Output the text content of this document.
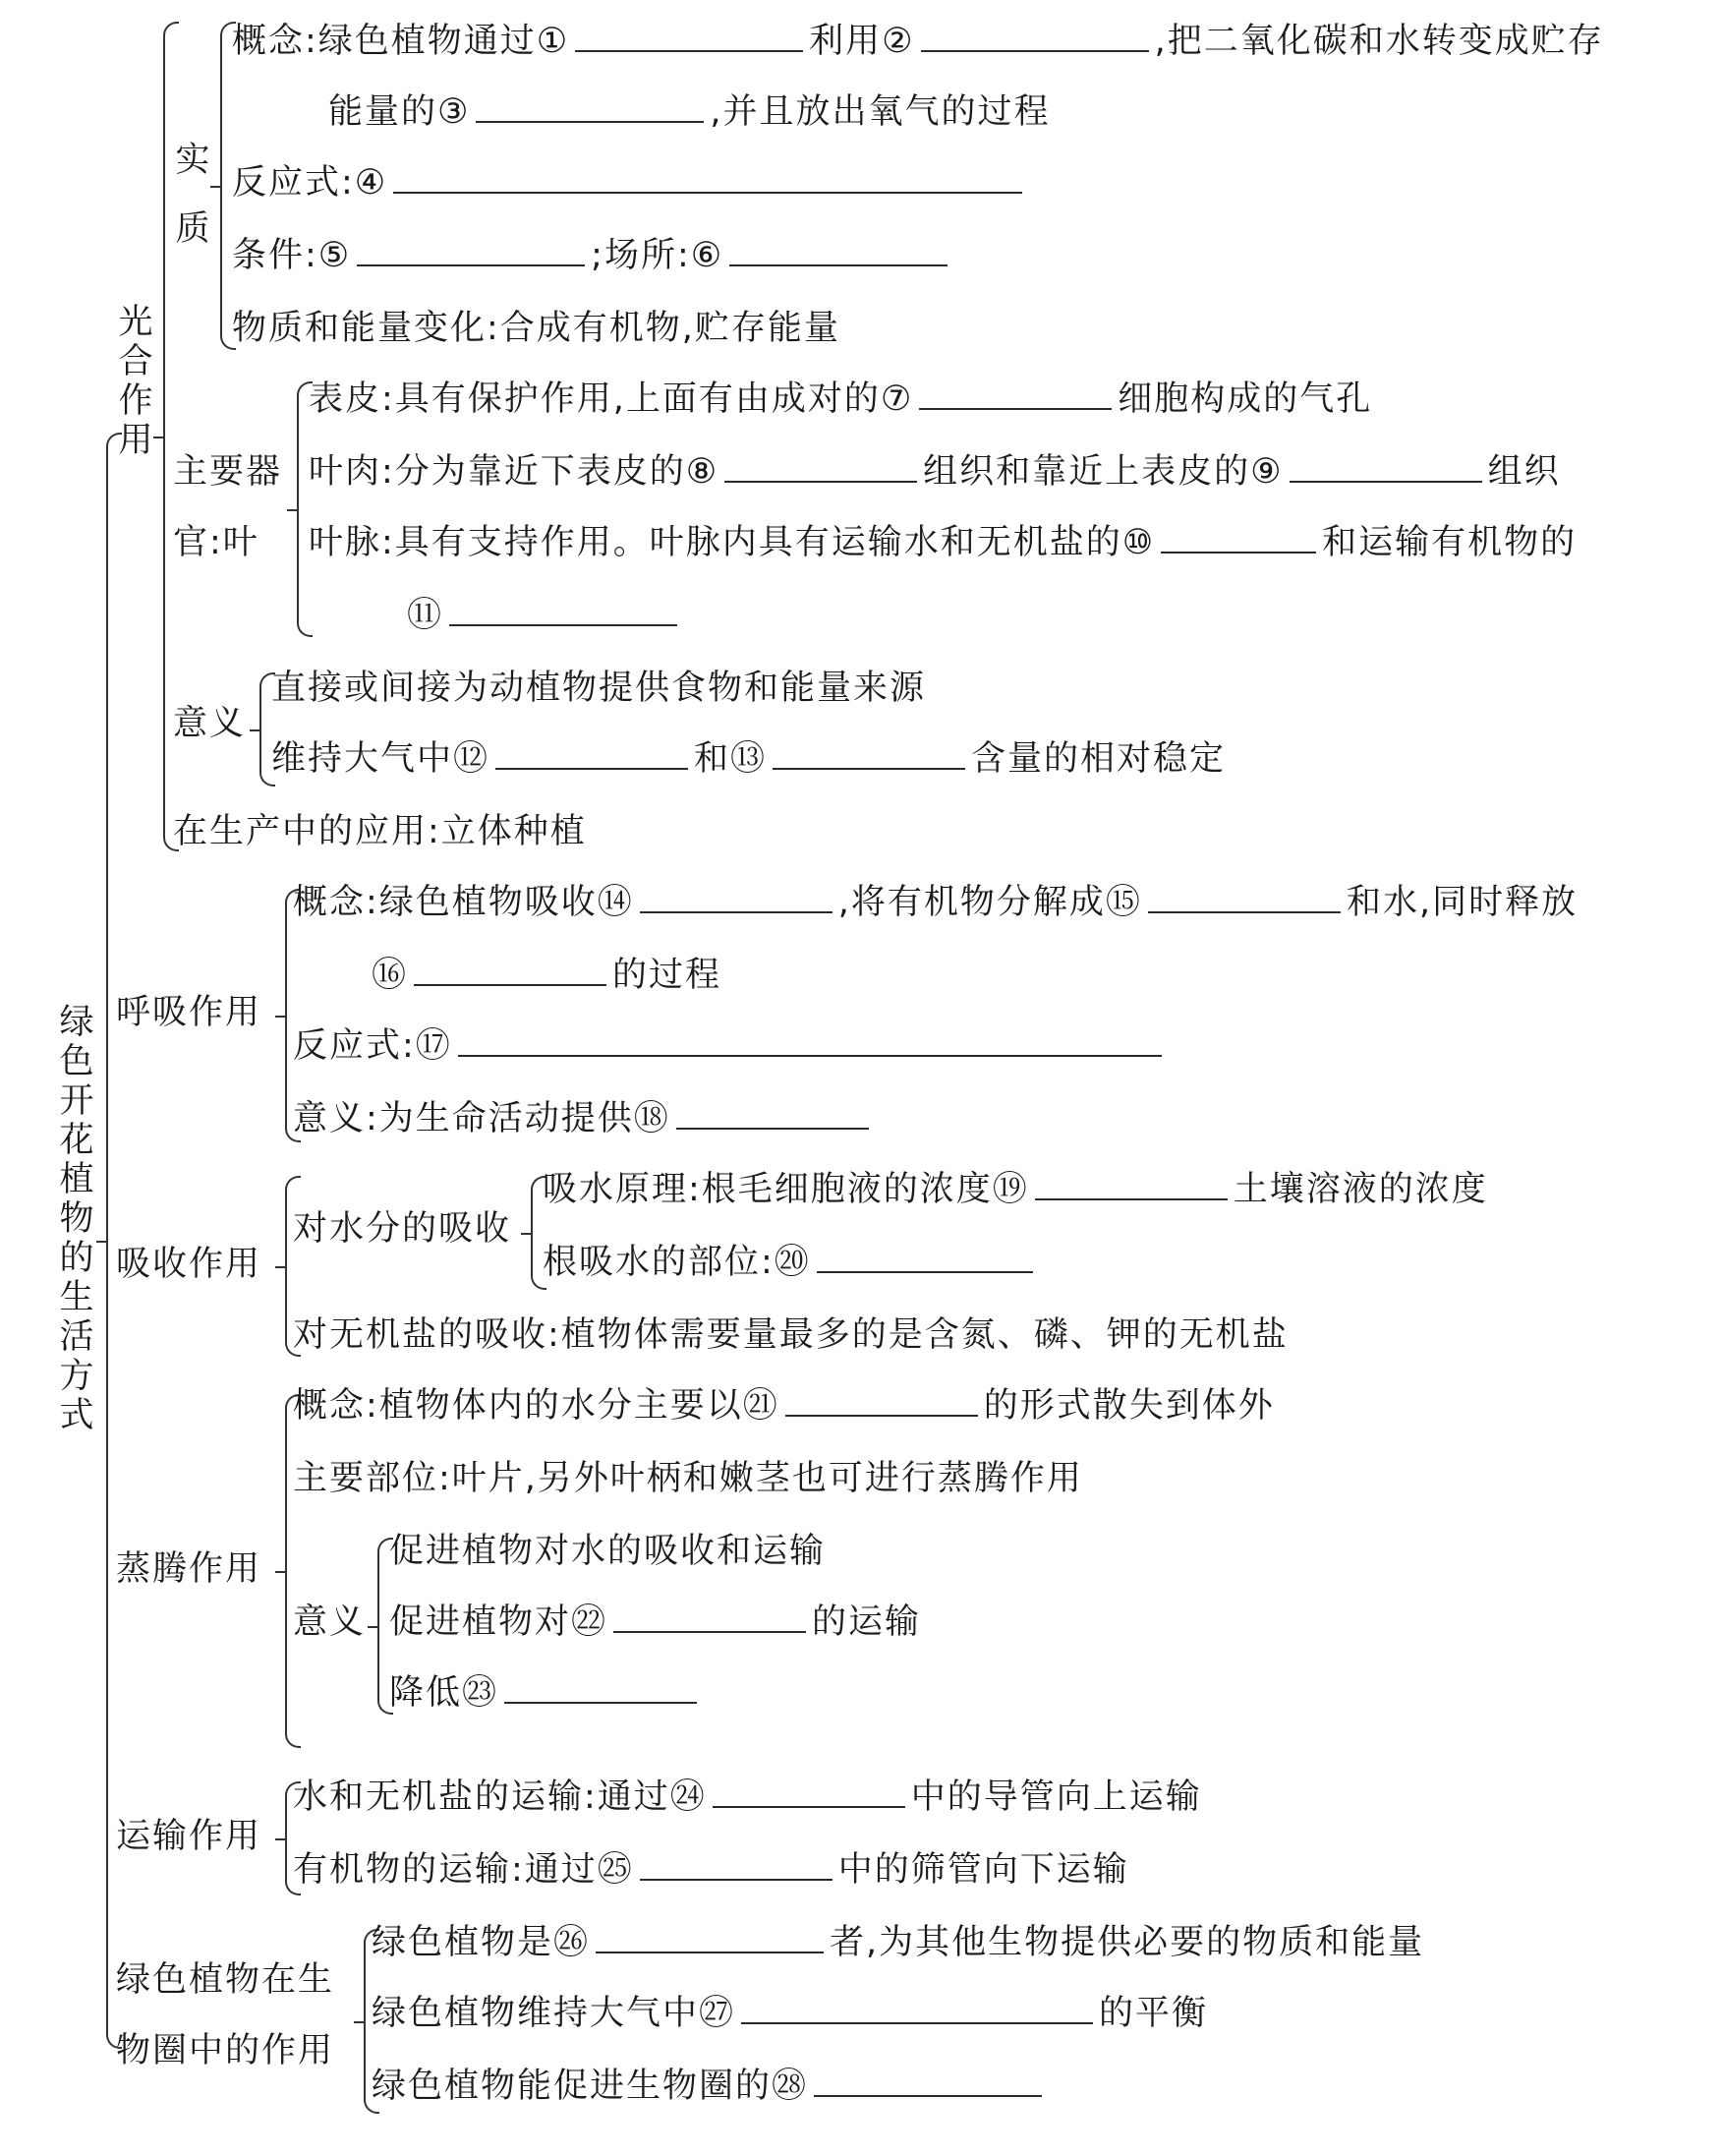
绿色开花植物的生活方式
光合作用
实质
概念:绿色植物通过①	利用②	,把二氧化碳和水转变成贮存
能量的③	,并且放出氧气的过程
反应式:④
条件:⑤	;场所:⑥
物质和能量变化:合成有机物,贮存能量
主要器
官:叶
表皮:具有保护作用,上面有由成对的⑦	细胞构成的气孔
叶肉:分为靠近下表皮的⑧	组织和靠近上表皮的⑨	组织
叶脉:具有支持作用。叶脉内具有运输水和无机盐的⑩	和运输有机物的
⑪
意义
直接或间接为动植物提供食物和能量来源
维持大气中⑫	和⑬	含量的相对稳定
在生产中的应用:立体种植
呼吸作用
概念:绿色植物吸收⑭	,将有机物分解成⑮	和水,同时释放
⑯	的过程
反应式:⑰
意义:为生命活动提供⑱
吸收作用
对水分的吸收
吸水原理:根毛细胞液的浓度⑲	土壤溶液的浓度
根吸水的部位:⑳
对无机盐的吸收:植物体需要量最多的是含氮、磷、钾的无机盐
蒸腾作用
概念:植物体内的水分主要以㉑	的形式散失到体外
主要部位:叶片,另外叶柄和嫩茎也可进行蒸腾作用
意义
促进植物对水的吸收和运输
促进植物对㉒	的运输
降低㉓
运输作用
水和无机盐的运输:通过㉔	中的导管向上运输
有机物的运输:通过㉕	中的筛管向下运输
绿色植物在生
物圈中的作用
绿色植物是㉖	者,为其他生物提供必要的物质和能量
绿色植物维持大气中㉗	的平衡
绿色植物能促进生物圈的㉘
